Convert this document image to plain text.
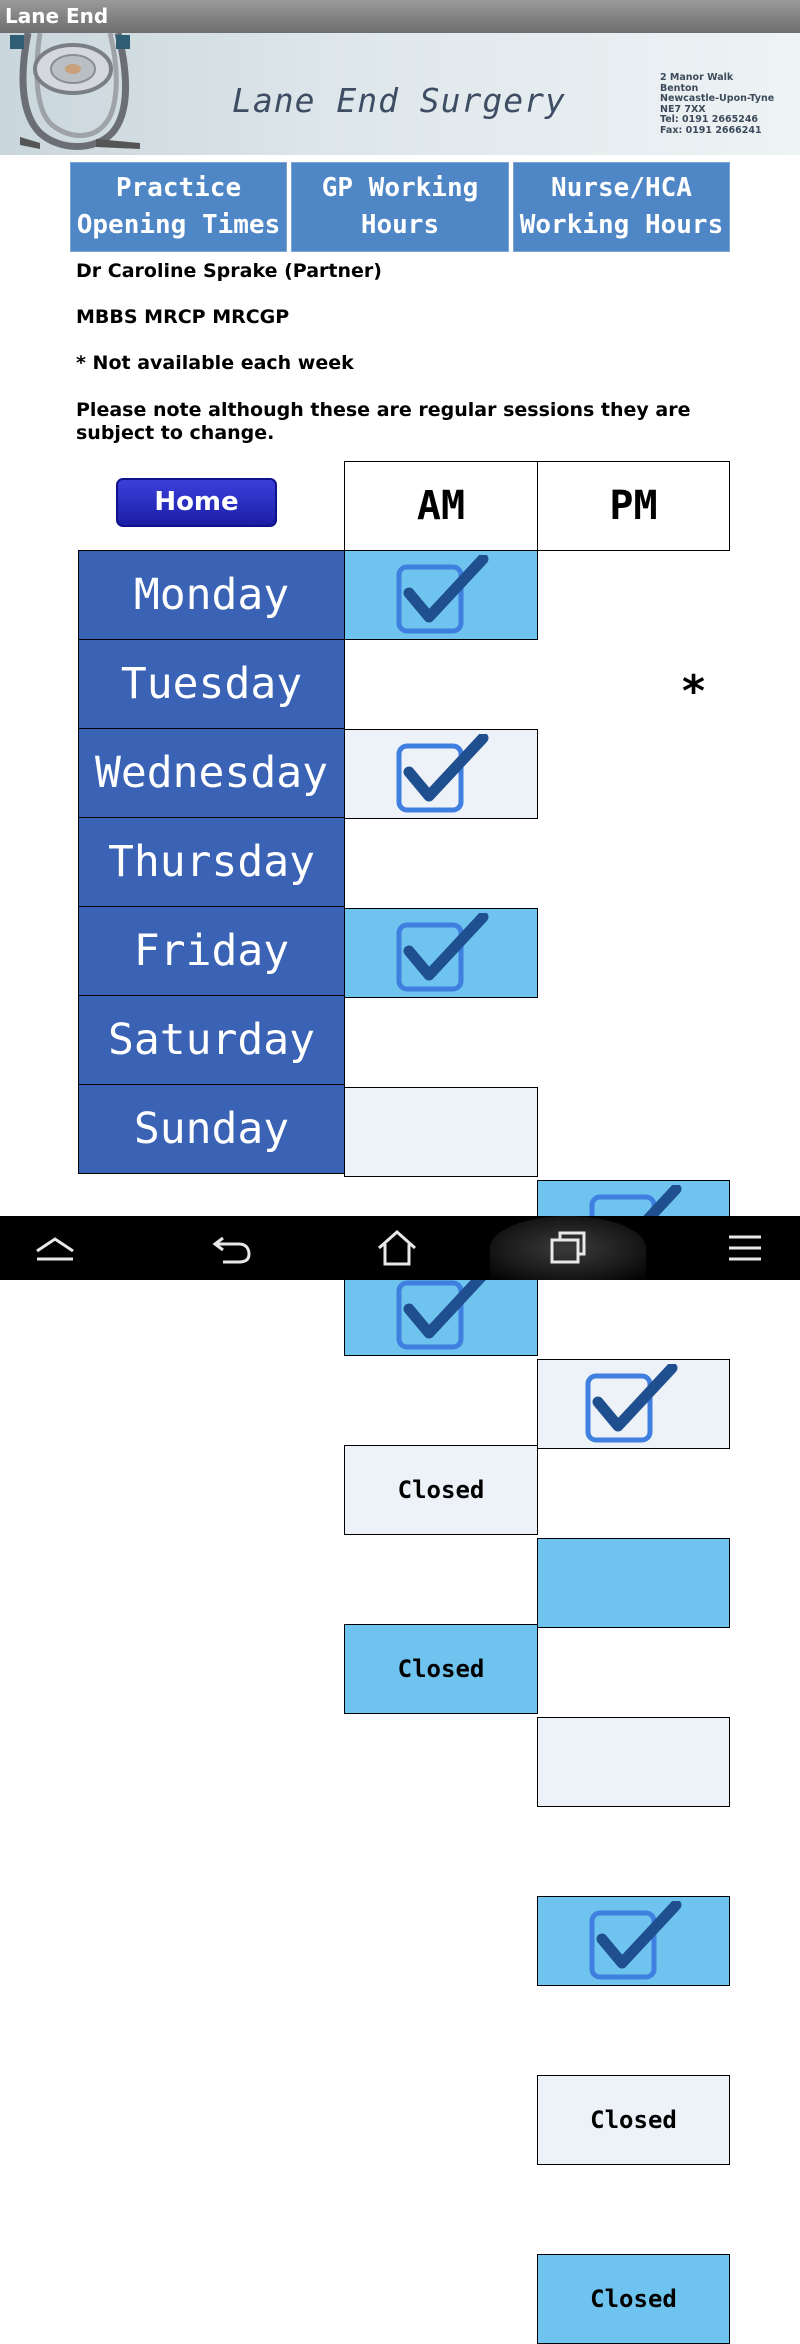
Lane End
Lane End Surgery
2 Manor Walk
Benton
Newcastle-Upon-Tyne
NE7 7XX
Tel: 0191 2665246
Fax: 0191 2666241
Practice
Opening Times
GP Working
Hours
Nurse/HCA
Working Hours
Dr Caroline Sprake (Partner)
MBBS MRCP MRCGP
* Not available each week
Please note although these are regular sessions they are
subject to change.
Home	AM	PM
Monday
Tuesday
Wednesday
Thursday
Friday
Saturday
Sunday
Closed
Closed
Closed
Closed
*
